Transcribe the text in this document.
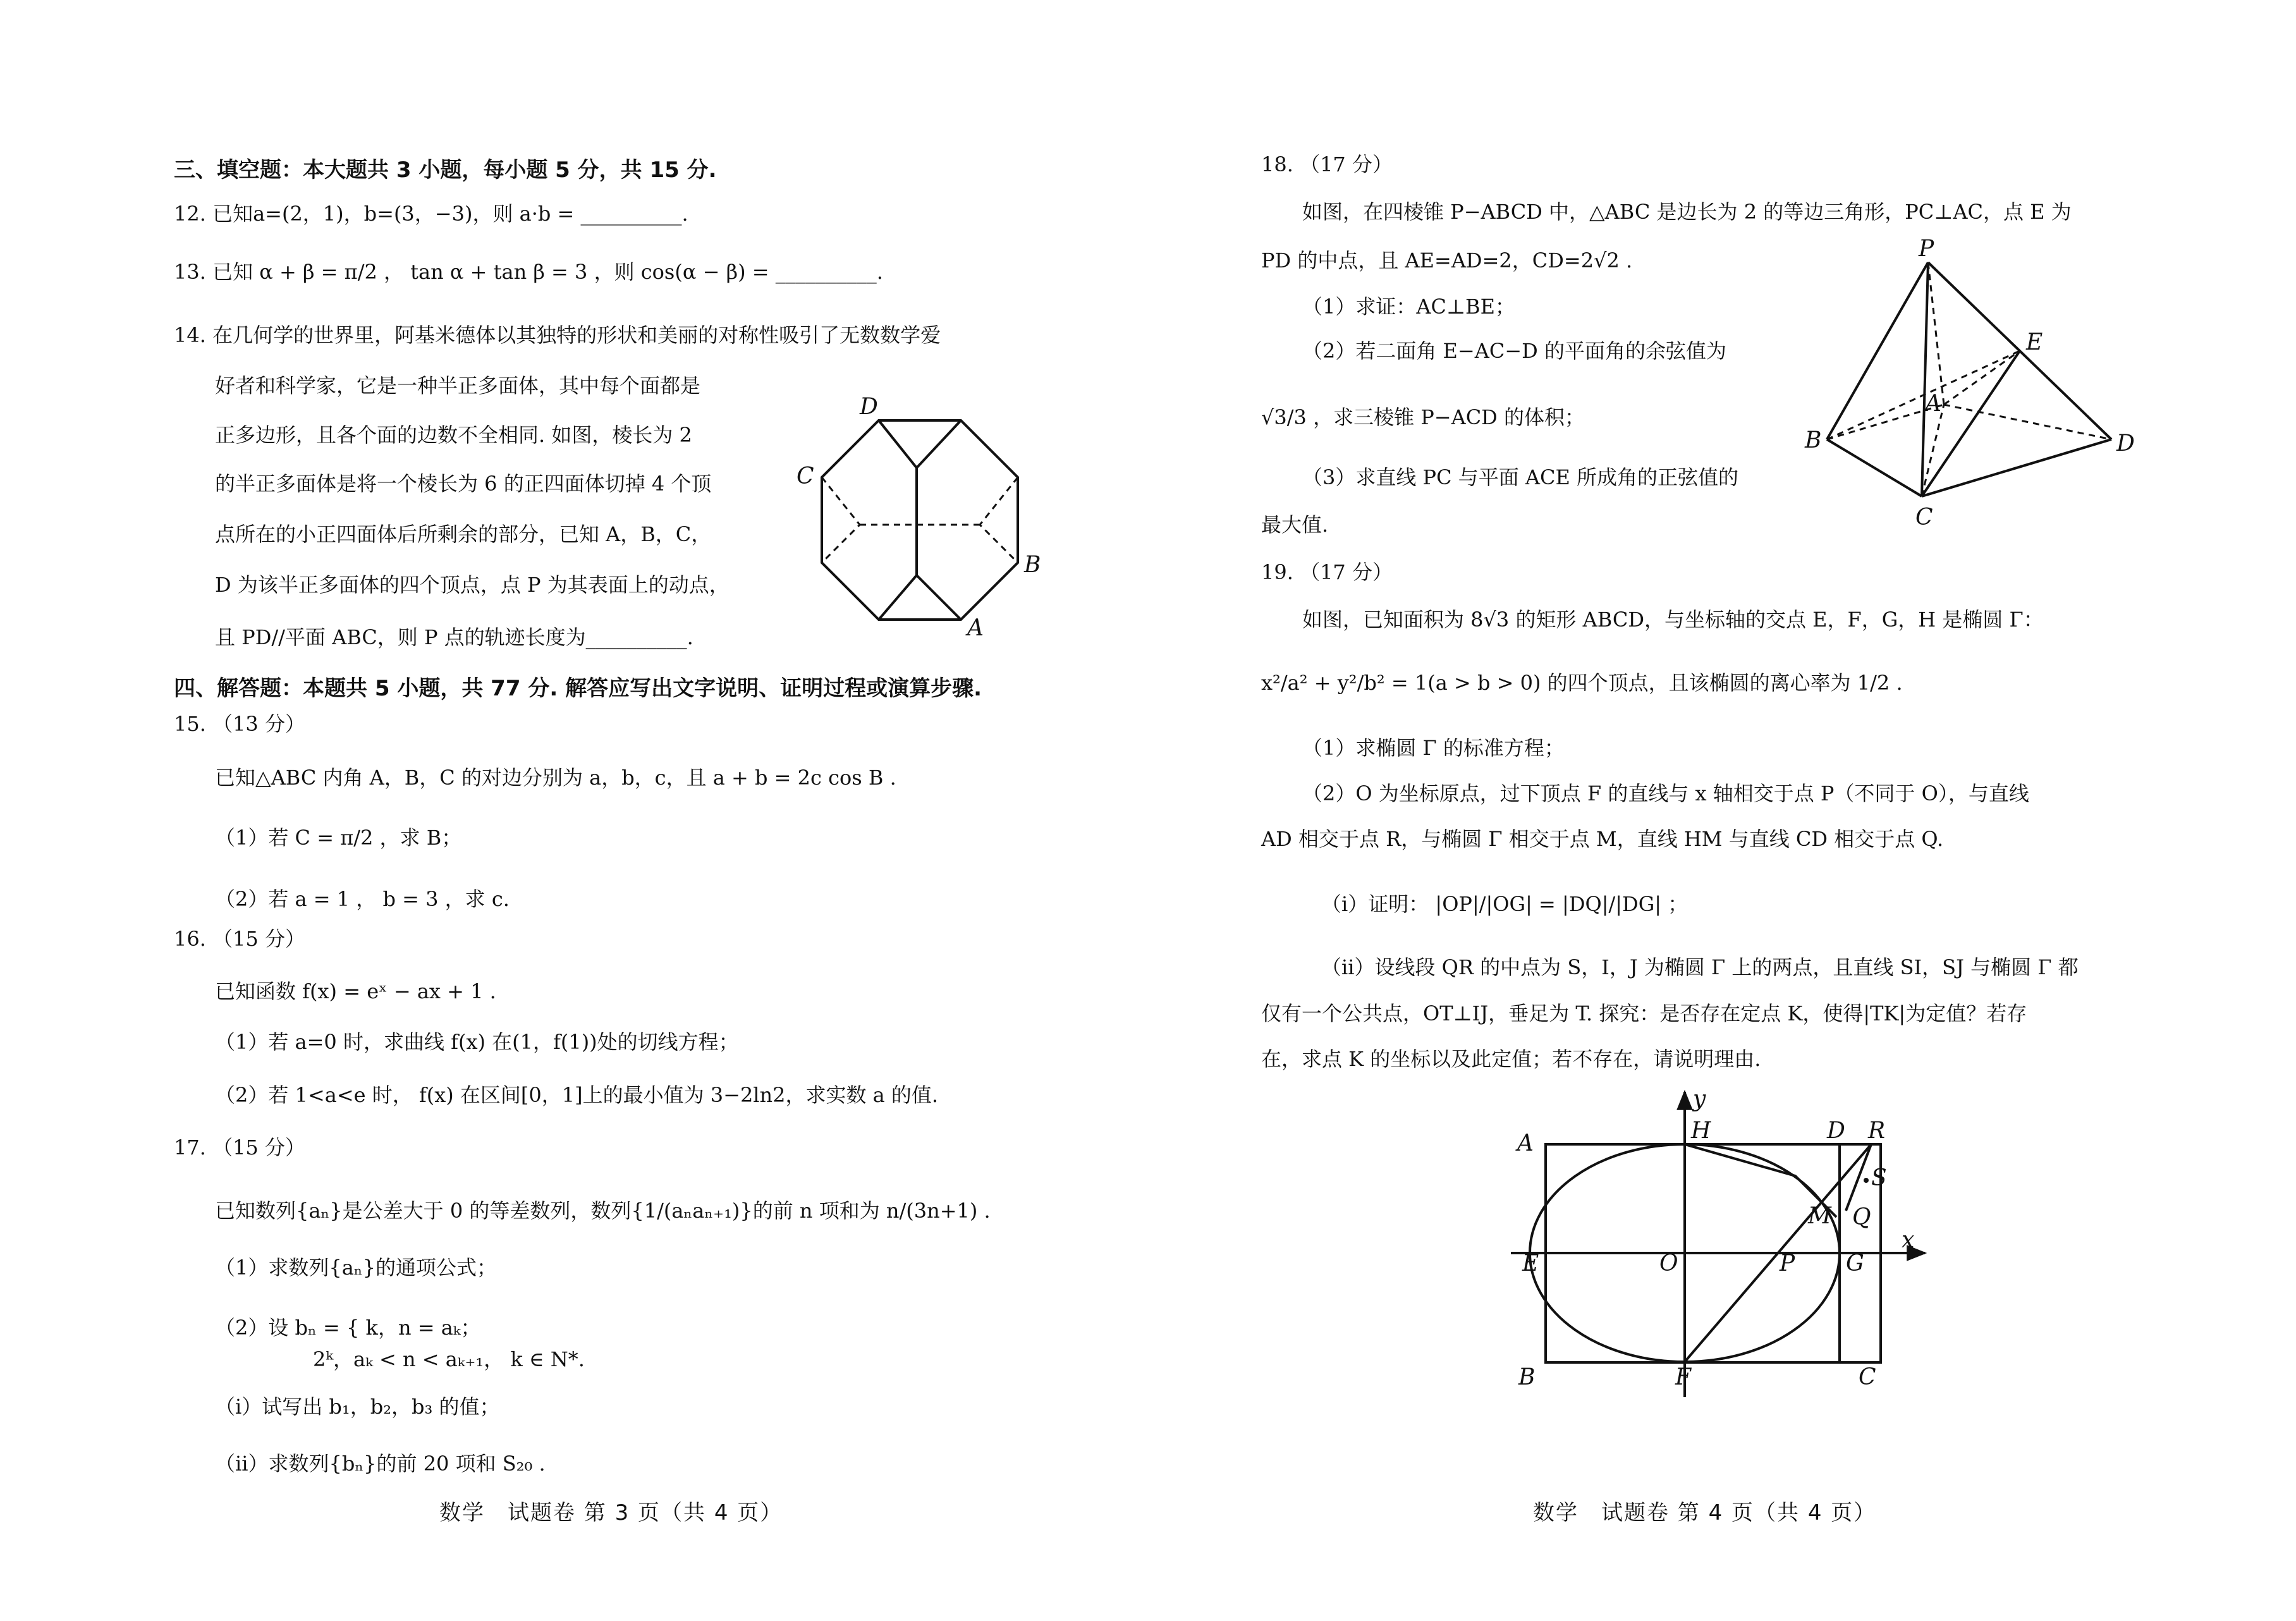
三、填空题：本大题共 3 小题，每小题 5 分，共 15 分.
12. 已知a=(2，1)，b=(3，−3)，则 a·b = __________.
13. 已知 α + β = π/2 ， tan α + tan β = 3 ，则 cos(α − β) = __________.
14. 在几何学的世界里，阿基米德体以其独特的形状和美丽的对称性吸引了无数数学爱
好者和科学家，它是一种半正多面体，其中每个面都是
正多边形，且各个面的边数不全相同. 如图，棱长为 2
的半正多面体是将一个棱长为 6 的正四面体切掉 4 个顶
点所在的小正四面体后所剩余的部分，已知 A，B，C，
D 为该半正多面体的四个顶点，点 P 为其表面上的动点，
且 PD//平面 ABC，则 P 点的轨迹长度为__________.
D
C
B
A
四、解答题：本题共 5 小题，共 77 分. 解答应写出文字说明、证明过程或演算步骤.
15. （13 分）
已知△ABC 内角 A，B，C 的对边分别为 a，b，c，且 a + b = 2c cos B .
（1）若 C = π/2 ，求 B；
（2）若 a = 1 ， b = 3 ，求 c.
16. （15 分）
已知函数 f(x) = eˣ − ax + 1 .
（1）若 a=0 时，求曲线 f(x) 在(1，f(1))处的切线方程；
（2）若 1<a<e 时， f(x) 在区间[0，1]上的最小值为 3−2ln2，求实数 a 的值.
17. （15 分）
已知数列{aₙ}是公差大于 0 的等差数列，数列{1/(aₙaₙ₊₁)}的前 n 项和为 n/(3n+1) .
（1）求数列{aₙ}的通项公式；
（2）设 bₙ = { k，n = aₖ；
2ᵏ，aₖ < n < aₖ₊₁， k ∈ N*.
（i）试写出 b₁，b₂，b₃ 的值；
（ii）求数列{bₙ}的前 20 项和 S₂₀ .
数学　试题卷 第 3 页（共 4 页）
18. （17 分）
如图，在四棱锥 P−ABCD 中，△ABC 是边长为 2 的等边三角形，PC⊥AC，点 E 为
PD 的中点，且 AE=AD=2，CD=2√2 .
（1）求证：AC⊥BE；
（2）若二面角 E−AC−D 的平面角的余弦值为
√3/3 ，求三棱锥 P−ACD 的体积；
（3）求直线 PC 与平面 ACE 所成角的正弦值的
最大值.
P
E
A
B
C
D
19. （17 分）
如图，已知面积为 8√3 的矩形 ABCD，与坐标轴的交点 E，F，G，H 是椭圆 Γ：
x²/a² + y²/b² = 1(a > b > 0) 的四个顶点，且该椭圆的离心率为 1/2 .
（1）求椭圆 Γ 的标准方程；
（2）O 为坐标原点，过下顶点 F 的直线与 x 轴相交于点 P（不同于 O），与直线
AD 相交于点 R，与椭圆 Γ 相交于点 M，直线 HM 与直线 CD 相交于点 Q.
（i）证明： |OP|/|OG| = |DQ|/|DG| ；
（ii）设线段 QR 的中点为 S，I，J 为椭圆 Γ 上的两点，且直线 SI，SJ 与椭圆 Γ 都
仅有一个公共点，OT⊥IJ，垂足为 T. 探究：是否存在定点 K，使得|TK|为定值？若存
在，求点 K 的坐标以及此定值；若不存在，请说明理由.
y
x
A	H	D R
S
M Q
E	O	P G
B	F	C
数学　试题卷 第 4 页（共 4 页）
